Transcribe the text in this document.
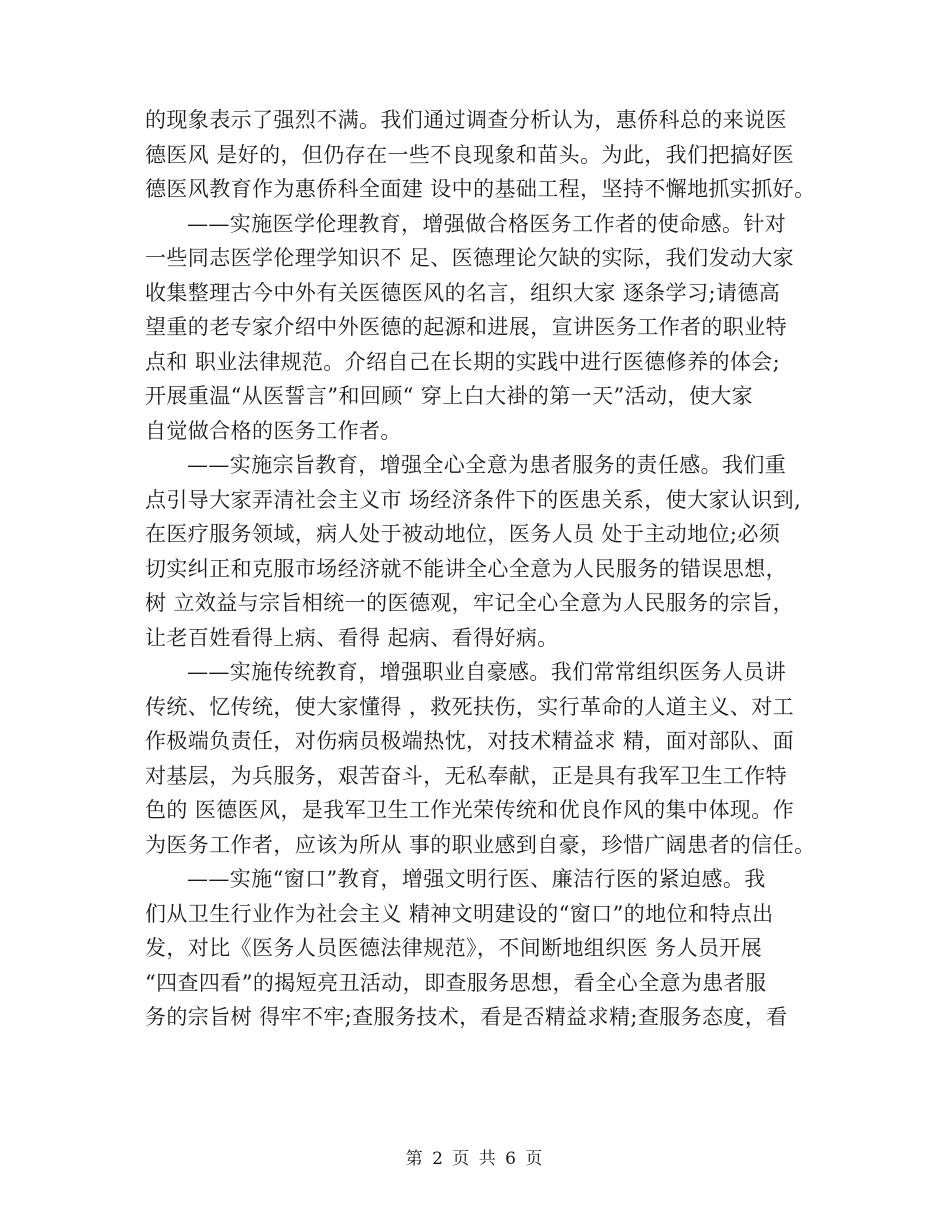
的现象表示了强烈不满。我们通过调查分析认为，惠侨科总的来说医
德医风 是好的，但仍存在一些不良现象和苗头。为此，我们把搞好医
德医风教育作为惠侨科全面建 设中的基础工程，坚持不懈地抓实抓好。
——实施医学伦理教育，增强做合格医务工作者的使命感。针对
一些同志医学伦理学知识不 足、医德理论欠缺的实际，我们发动大家
收集整理古今中外有关医德医风的名言，组织大家 逐条学习;请德高
望重的老专家介绍中外医德的起源和进展，宣讲医务工作者的职业特
点和 职业法律规范。介绍自己在长期的实践中进行医德修养的体会;
开展重温“从医誓言”和回顾“ 穿上白大褂的第一天”活动，使大家
自觉做合格的医务工作者。
——实施宗旨教育，增强全心全意为患者服务的责任感。我们重
点引导大家弄清社会主义市 场经济条件下的医患关系，使大家认识到,
在医疗服务领域，病人处于被动地位，医务人员 处于主动地位;必须
切实纠正和克服市场经济就不能讲全心全意为人民服务的错误思想，
树 立效益与宗旨相统一的医德观，牢记全心全意为人民服务的宗旨，
让老百姓看得上病、看得 起病、看得好病。
——实施传统教育，增强职业自豪感。我们常常组织医务人员讲
传统、忆传统，使大家懂得 ，救死扶伤，实行革命的人道主义、对工
作极端负责任，对伤病员极端热忱，对技术精益求 精，面对部队、面
对基层，为兵服务，艰苦奋斗，无私奉献，正是具有我军卫生工作特
色的 医德医风，是我军卫生工作光荣传统和优良作风的集中体现。作
为医务工作者，应该为所从 事的职业感到自豪，珍惜广阔患者的信任。
——实施“窗口”教育，增强文明行医、廉洁行医的紧迫感。我
们从卫生行业作为社会主义 精神文明建设的“窗口”的地位和特点出
发，对比《医务人员医德法律规范》，不间断地组织医 务人员开展
“四查四看”的揭短亮丑活动，即查服务思想，看全心全意为患者服
务的宗旨树 得牢不牢;查服务技术，看是否精益求精;查服务态度，看
第 2 页 共 6 页
